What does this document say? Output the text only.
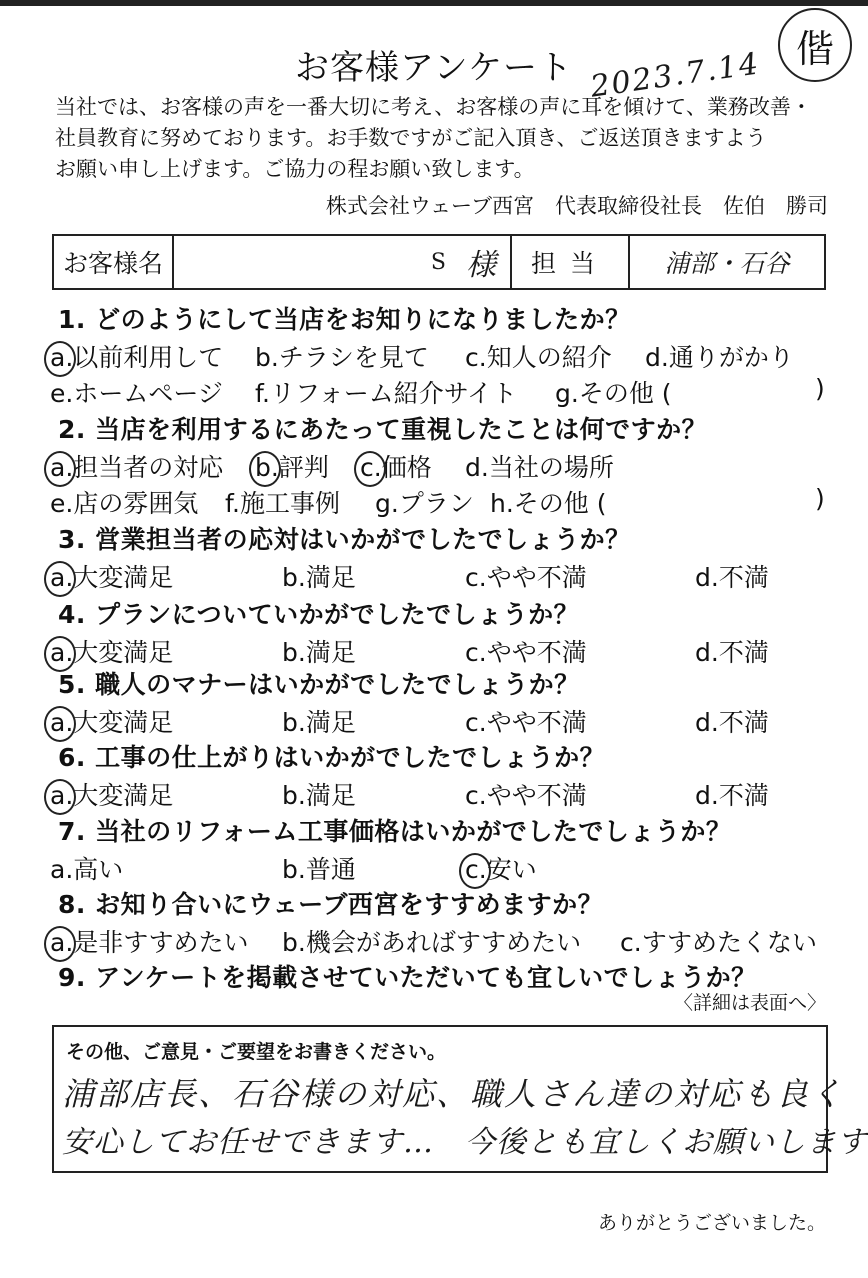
お客様アンケート 2023.7.14 偕
当社では、お客様の声を一番大切に考え、お客様の声に耳を傾けて、業務改善・
社員教育に努めております。お手数ですがご記入頂き、ご返送頂きますよう
お願い申し上げます。ご協力の程お願い致します。
株式会社ウェーブ西宮　代表取締役社長　佐伯　勝司
お客様名	S 様	担当	浦部・石谷
1. どのようにして当店をお知りになりましたか？
a.以前利用して b.チラシを見て c.知人の紹介 d.通りがかり
e.ホームページ f.リフォーム紹介サイト g.その他 (	)
2. 当店を利用するにあたって重視したことは何ですか？
a.担当者の対応 b.評判 c.価格 d.当社の場所
e.店の雰囲気 f.施工事例 g.プラン h.その他 (	)
3. 営業担当者の応対はいかがでしたでしょうか？
a.大変満足	b.満足	c.やや不満	d.不満
4. プランについていかがでしたでしょうか？
a.大変満足	b.満足	c.やや不満	d.不満
5. 職人のマナーはいかがでしたでしょうか？
a.大変満足	b.満足	c.やや不満	d.不満
6. 工事の仕上がりはいかがでしたでしょうか？
a.大変満足	b.満足	c.やや不満	d.不満
7. 当社のリフォーム工事価格はいかがでしたでしょうか？
a.高い	b.普通	c.安い
8. お知り合いにウェーブ西宮をすすめますか？
a.是非すすめたい b.機会があればすすめたい c.すすめたくない
9. アンケートを掲載させていただいても宜しいでしょうか？
〈詳細は表面へ〉
その他、ご意見・ご要望をお書きください。
浦部店長、石谷様の対応、職人さん達の対応も良く
安心してお任せできます…　今後とも宜しくお願いします
ありがとうございました。
